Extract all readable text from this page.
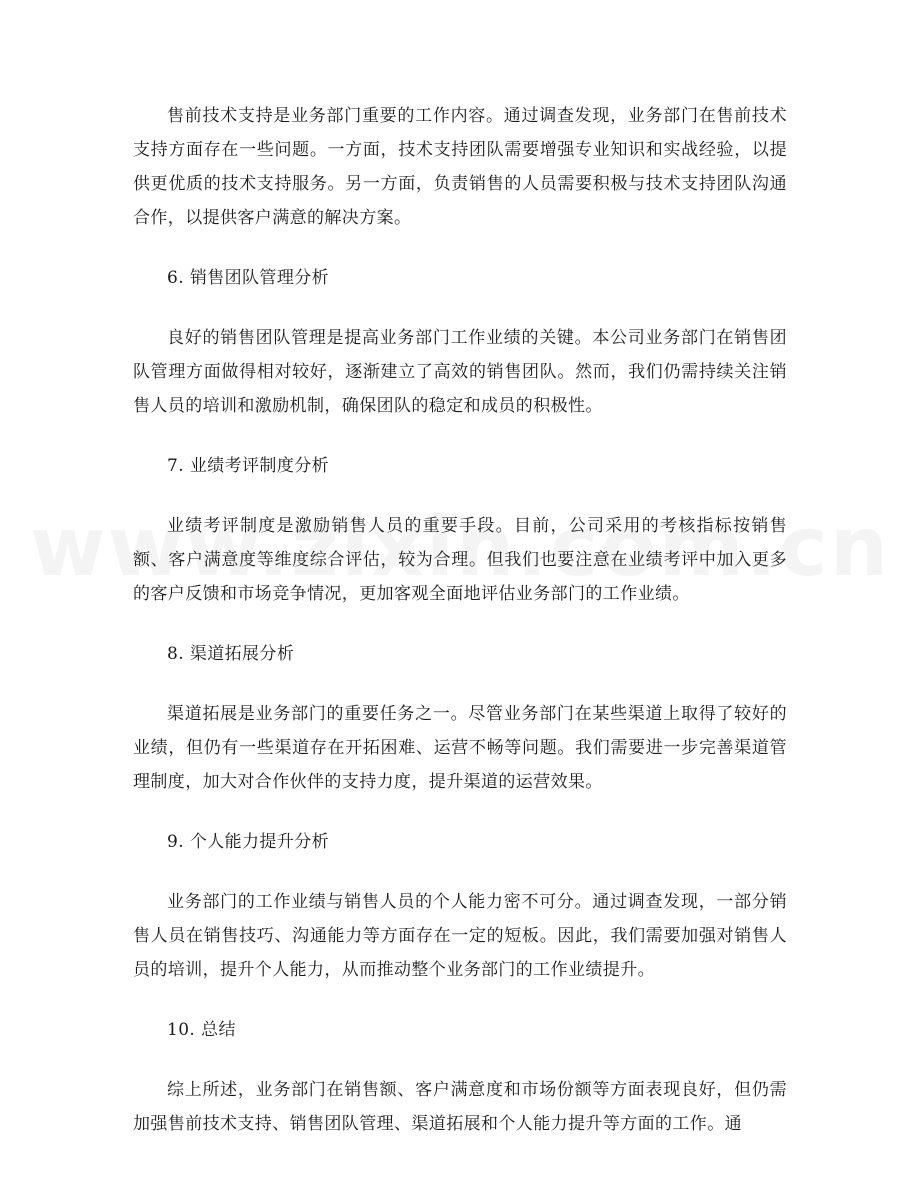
售前技术支持是业务部门重要的工作内容。通过调查发现，业务部门在售前技术支持方面存在一些问题。一方面，技术支持团队需要增强专业知识和实战经验，以提供更优质的技术支持服务。另一方面，负责销售的人员需要积极与技术支持团队沟通合作，以提供客户满意的解决方案。

6. 销售团队管理分析

良好的销售团队管理是提高业务部门工作业绩的关键。本公司业务部门在销售团队管理方面做得相对较好，逐渐建立了高效的销售团队。然而，我们仍需持续关注销售人员的培训和激励机制，确保团队的稳定和成员的积极性。

7. 业绩考评制度分析

业绩考评制度是激励销售人员的重要手段。目前，公司采用的考核指标按销售额、客户满意度等维度综合评估，较为合理。但我们也要注意在业绩考评中加入更多的客户反馈和市场竞争情况，更加客观全面地评估业务部门的工作业绩。

8. 渠道拓展分析

渠道拓展是业务部门的重要任务之一。尽管业务部门在某些渠道上取得了较好的业绩，但仍有一些渠道存在开拓困难、运营不畅等问题。我们需要进一步完善渠道管理制度，加大对合作伙伴的支持力度，提升渠道的运营效果。

9. 个人能力提升分析

业务部门的工作业绩与销售人员的个人能力密不可分。通过调查发现，一部分销售人员在销售技巧、沟通能力等方面存在一定的短板。因此，我们需要加强对销售人员的培训，提升个人能力，从而推动整个业务部门的工作业绩提升。

10. 总结

综上所述，业务部门在销售额、客户满意度和市场份额等方面表现良好，但仍需加强售前技术支持、销售团队管理、渠道拓展和个人能力提升等方面的工作。通
